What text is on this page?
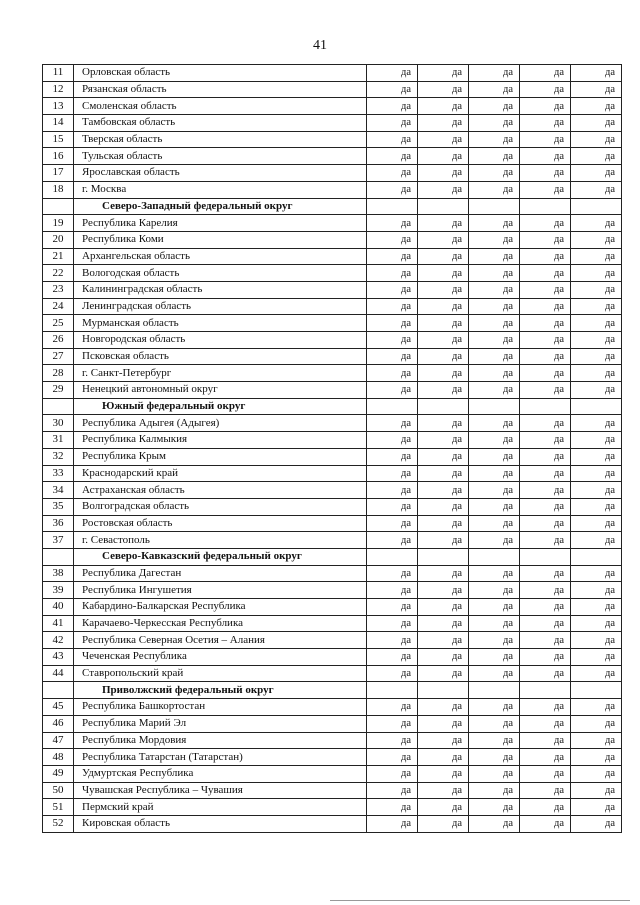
41
11	Орловская область	да	да	да	да	да
12	Рязанская область	да	да	да	да	да
13	Смоленская область	да	да	да	да	да
14	Тамбовская область	да	да	да	да	да
15	Тверская область	да	да	да	да	да
16	Тульская область	да	да	да	да	да
17	Ярославская область	да	да	да	да	да
18	г. Москва	да	да	да	да	да
	Северо-Западный федеральный округ					
19	Республика Карелия	да	да	да	да	да
20	Республика Коми	да	да	да	да	да
21	Архангельская область	да	да	да	да	да
22	Вологодская область	да	да	да	да	да
23	Калининградская область	да	да	да	да	да
24	Ленинградская область	да	да	да	да	да
25	Мурманская область	да	да	да	да	да
26	Новгородская область	да	да	да	да	да
27	Псковская область	да	да	да	да	да
28	г. Санкт-Петербург	да	да	да	да	да
29	Ненецкий автономный округ	да	да	да	да	да
	Южный федеральный округ					
30	Республика Адыгея (Адыгея)	да	да	да	да	да
31	Республика Калмыкия	да	да	да	да	да
32	Республика Крым	да	да	да	да	да
33	Краснодарский край	да	да	да	да	да
34	Астраханская область	да	да	да	да	да
35	Волгоградская область	да	да	да	да	да
36	Ростовская область	да	да	да	да	да
37	г. Севастополь	да	да	да	да	да
	Северо-Кавказский федеральный округ					
38	Республика Дагестан	да	да	да	да	да
39	Республика Ингушетия	да	да	да	да	да
40	Кабардино-Балкарская Республика	да	да	да	да	да
41	Карачаево-Черкесская Республика	да	да	да	да	да
42	Республика Северная Осетия – Алания	да	да	да	да	да
43	Чеченская Республика	да	да	да	да	да
44	Ставропольский край	да	да	да	да	да
	Приволжский федеральный округ					
45	Республика Башкортостан	да	да	да	да	да
46	Республика Марий Эл	да	да	да	да	да
47	Республика Мордовия	да	да	да	да	да
48	Республика Татарстан (Татарстан)	да	да	да	да	да
49	Удмуртская Республика	да	да	да	да	да
50	Чувашская Республика – Чувашия	да	да	да	да	да
51	Пермский край	да	да	да	да	да
52	Кировская область	да	да	да	да	да
